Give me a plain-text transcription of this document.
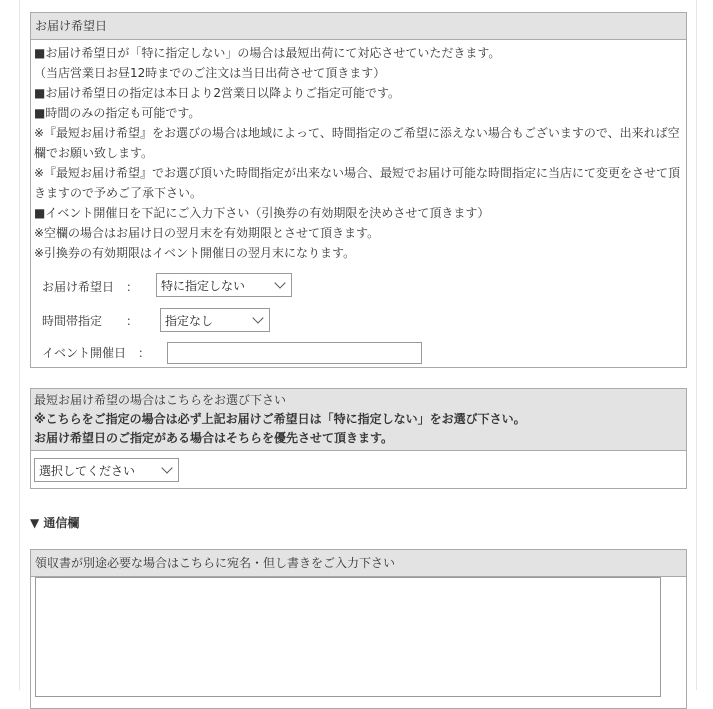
お届け希望日
■お届け希望日が「特に指定しない」の場合は最短出荷にて対応させていただきます。
（当店営業日お昼12時までのご注文は当日出荷させて頂きます）
■お届け希望日の指定は本日より2営業日以降よりご指定可能です。
■時間のみの指定も可能です。
※『最短お届け希望』をお選びの場合は地域によって、時間指定のご希望に添えない場合もございますので、出来れば空欄でお願い致します。
※『最短お届け希望』でお選び頂いた時間指定が出来ない場合、最短でお届け可能な時間指定に当店にて変更をさせて頂きますので予めご了承下さい。
■イベント開催日を下記にご入力下さい（引換券の有効期限を決めさせて頂きます）
※空欄の場合はお届け日の翌月末を有効期限とさせて頂きます。
※引換券の有効期限はイベント開催日の翌月末になります。
お届け希望日　： 特に指定しない
時間帯指定　　： 指定なし
イベント開催日　：
最短お届け希望の場合はこちらをお選び下さい
※こちらをご指定の場合は必ず上記お届けご希望日は「特に指定しない」をお選び下さい。
お届け希望日のご指定がある場合はそちらを優先させて頂きます。
選択してください
▼ 通信欄
領収書が別途必要な場合はこちらに宛名・但し書きをご入力下さい
